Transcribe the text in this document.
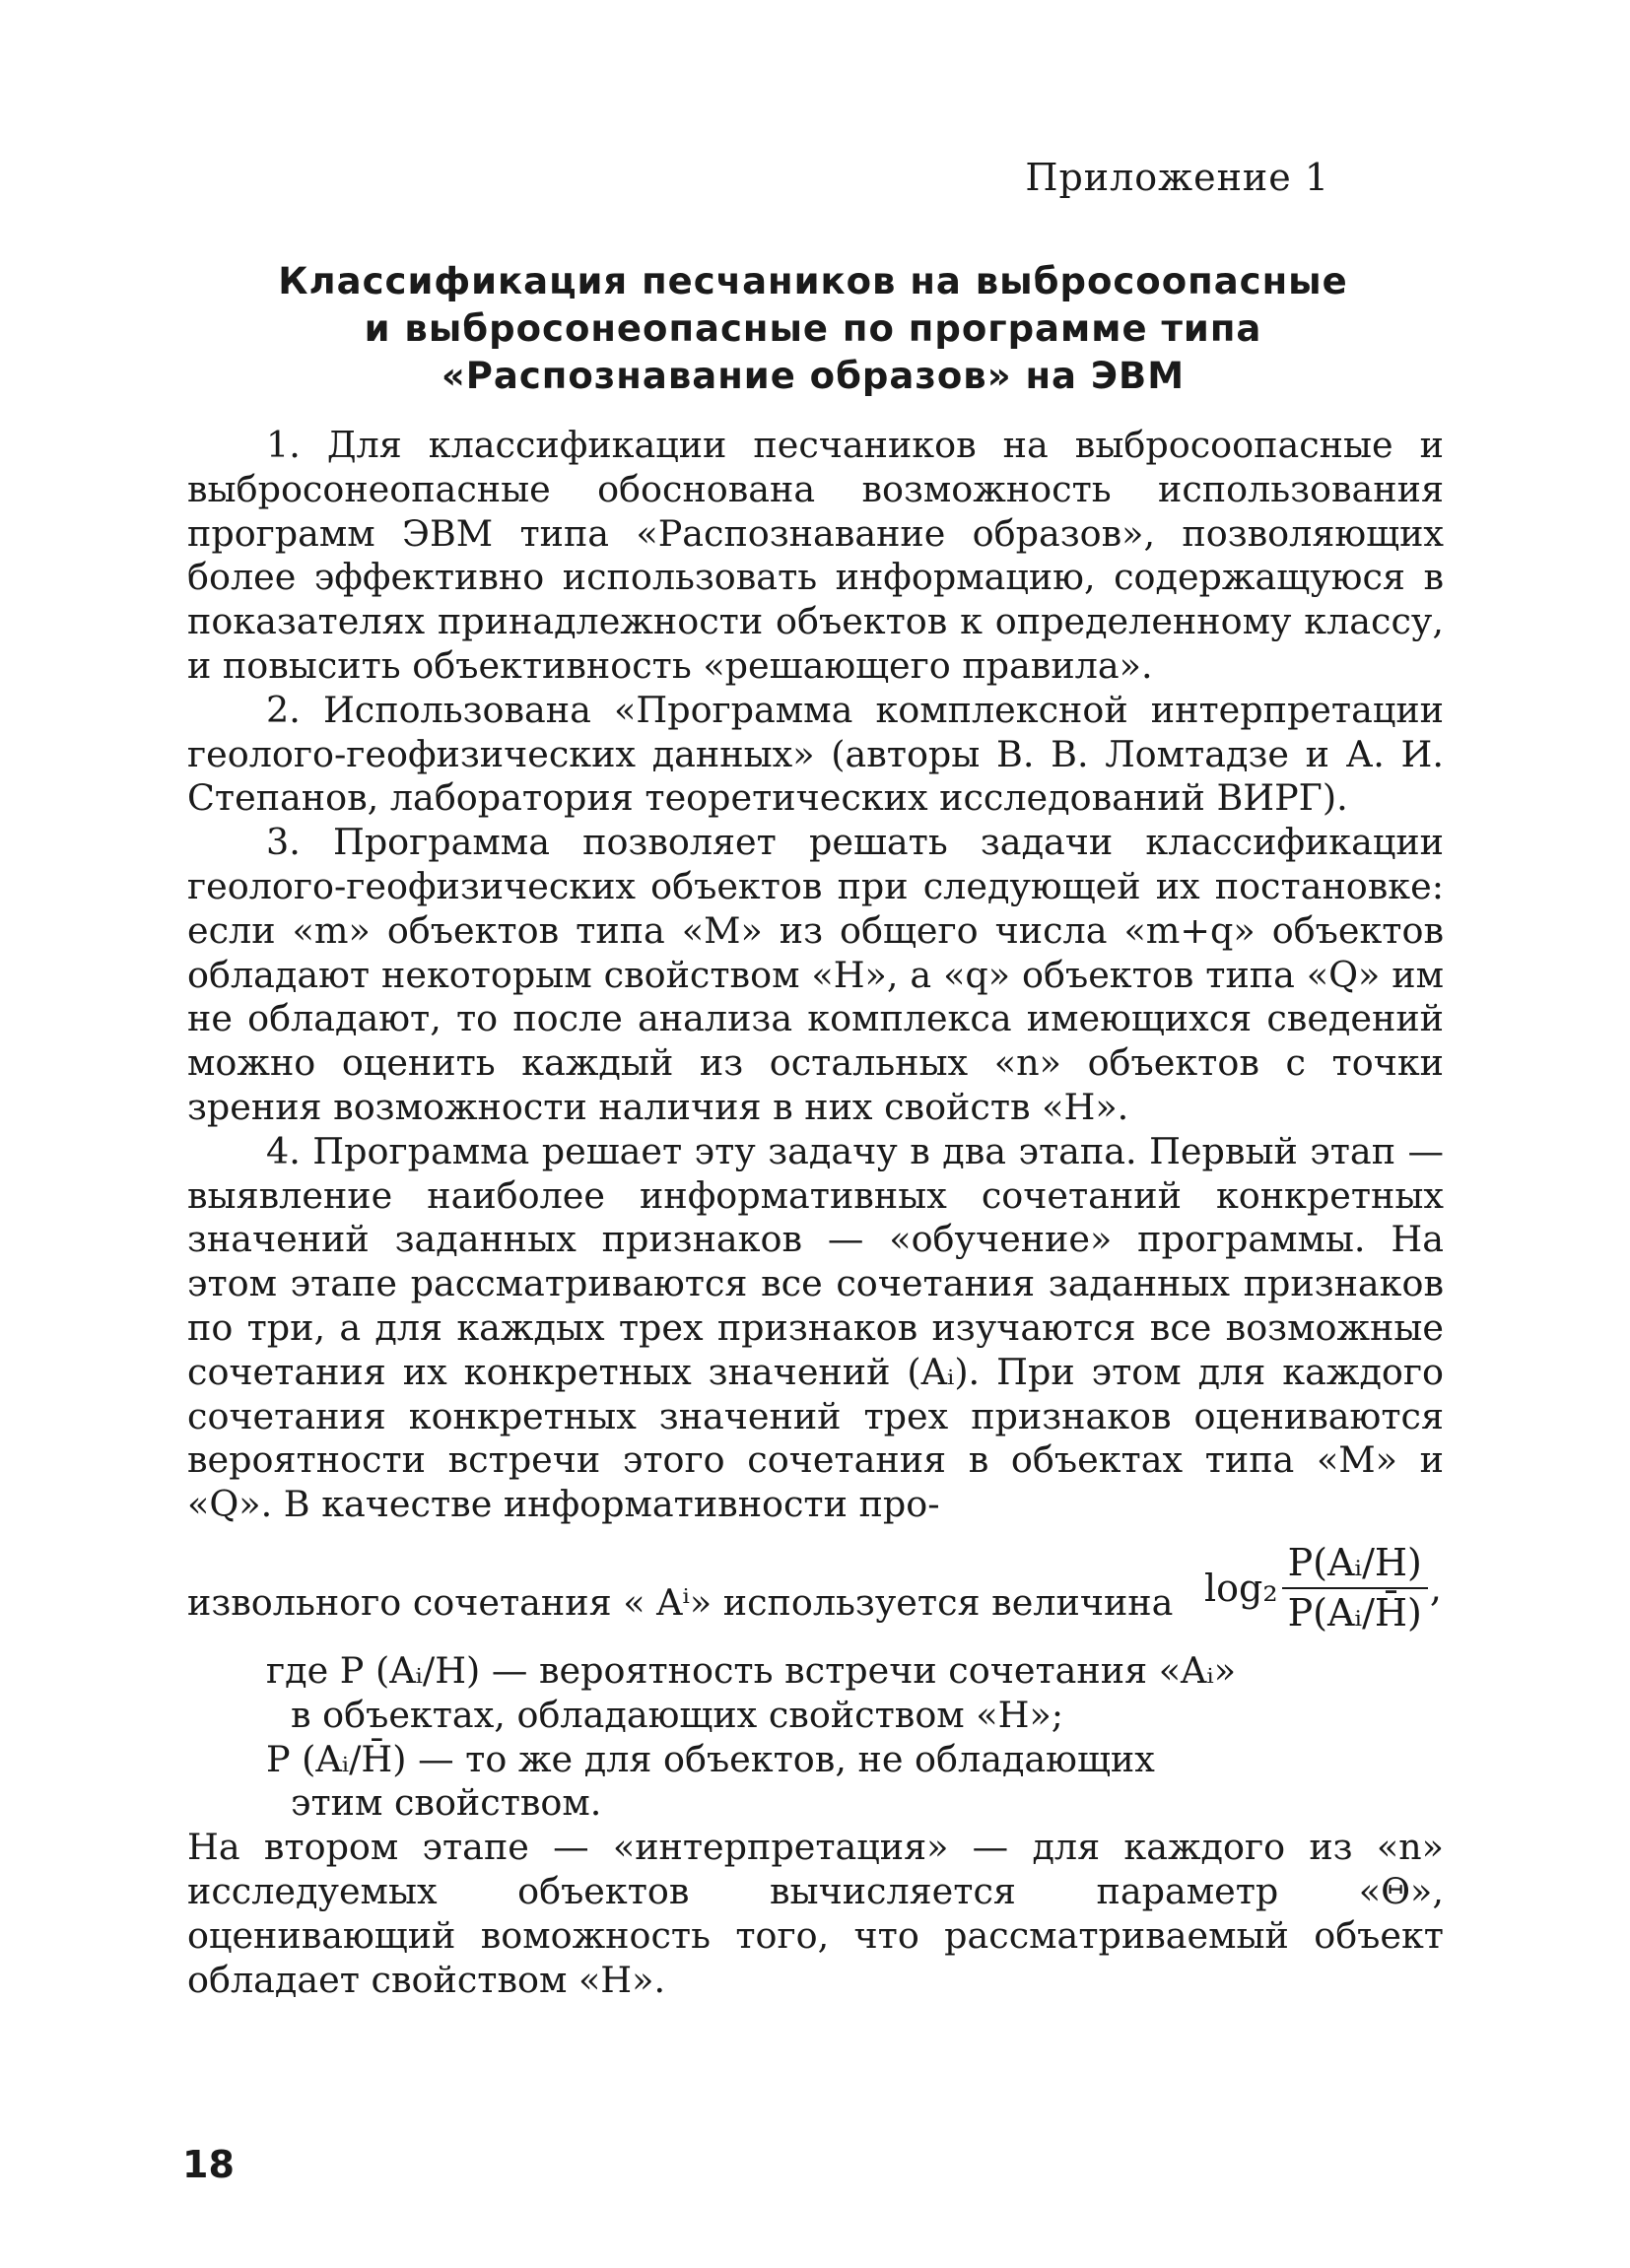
Приложение 1
Классификация песчаников на выбросоопасные
и выбросонеопасные по программе типа
«Распознавание образов» на ЭВМ

1. Для классификации песчаников на выбросоопасные и выбросонеопасные обоснована возможность использования программ ЭВМ типа «Распознавание образов», позволяющих более эффективно использовать информацию, содержащуюся в показателях принадлежности объектов к определенному классу, и повысить объективность «решающего правила».

2. Использована «Программа комплексной интерпретации геолого-геофизических данных» (авторы В. В. Ломтадзе и А. И. Степанов, лаборатория теоретических исследований ВИРГ).

3. Программа позволяет решать задачи классификации геолого-геофизических объектов при следующей их постановке: если «m» объектов типа «М» из общего числа «m+q» объектов обладают некоторым свойством «Н», а «q» объектов типа «Q» им не обладают, то после анализа комплекса имеющихся сведений можно оценить каждый из остальных «n» объектов с точки зрения возможности наличия в них свойств «Н».

4. Программа решает эту задачу в два этапа. Первый этап — выявление наиболее информативных сочетаний конкретных значений заданных признаков — «обучение» программы. На этом этапе рассматриваются все сочетания заданных признаков по три, а для каждых трех признаков изучаются все возможные сочетания их конкретных значений (Aᵢ). При этом для каждого сочетания конкретных значений трех признаков оцениваются вероятности встречи этого сочетания в объектах типа «М» и «Q». В качестве информативности про-

извольного сочетания « Aⁱ» используется величина $\log_2 \frac{\text{P(Aᵢ/H)}}{\text{P(Aᵢ/H̄)}}$ ,

где P (Aᵢ/H) — вероятность встречи сочетания «Aᵢ»
в объектах, обладающих свойством «Н»;

P (Aᵢ/H̄) — то же для объектов, не обладающих
этим свойством.

На втором этапе — «интерпретация» — для каждого из «n» исследуемых объектов вычисляется параметр «Θ», оценивающий воможность того, что рассматриваемый объект обладает свойством «Н».

18
